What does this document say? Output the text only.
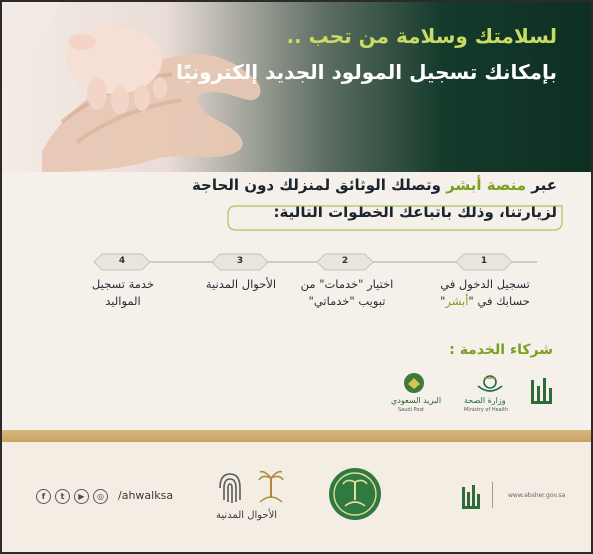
لسلامتك وسلامة من تحب ..
بإمكانك تسجيل المولود الجديد إلكترونيًا
عبر منصة أبشر وتصلك الوثائق لمنزلك دون الحاجة
لزيارتنا، وذلك باتباعك الخطوات التالية:
4	3	2	1
خدمة تسجيل
المواليد
الأحوال المدنية	اختيار "خدمات" من
تبويب "خدماتي"
تسجيل الدخول في
حسابك في "أبشر"
شركاء الخدمة :
وزارة الصحة
Ministry of Health
البريد السعودي
Saudi Post
f	t	▶	◎	/ahwalksa
الأحوال المدنية
www.absher.gov.sa
